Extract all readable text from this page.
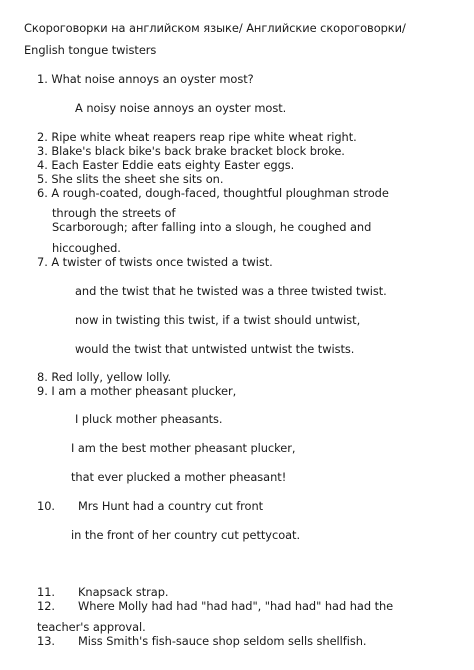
Скороговорки на английском языке/ Английские скороговорки/
English tongue twisters
1. What noise annoys an oyster most?
A noisy noise annoys an oyster most.
2. Ripe white wheat reapers reap ripe white wheat right.
3. Blake's black bike's back brake bracket block broke.
4. Each Easter Eddie eats eighty Easter eggs.
5. She slits the sheet she sits on.
6. A rough-coated, dough-faced, thoughtful ploughman strode
through the streets of
Scarborough; after falling into a slough, he coughed and
hiccoughed.
7. A twister of twists once twisted a twist.
and the twist that he twisted was a three twisted twist.
now in twisting this twist, if a twist should untwist,
would the twist that untwisted untwist the twists.
8. Red lolly, yellow lolly.
9. I am a mother pheasant plucker,
I pluck mother pheasants.
I am the best mother pheasant plucker,
that ever plucked a mother pheasant!
10. Mrs Hunt had a country cut front
in the front of her country cut pettycoat.
11. Knapsack strap.
12. Where Molly had had "had had", "had had" had had the
teacher's approval.
13. Miss Smith's fish-sauce shop seldom sells shellfish.
